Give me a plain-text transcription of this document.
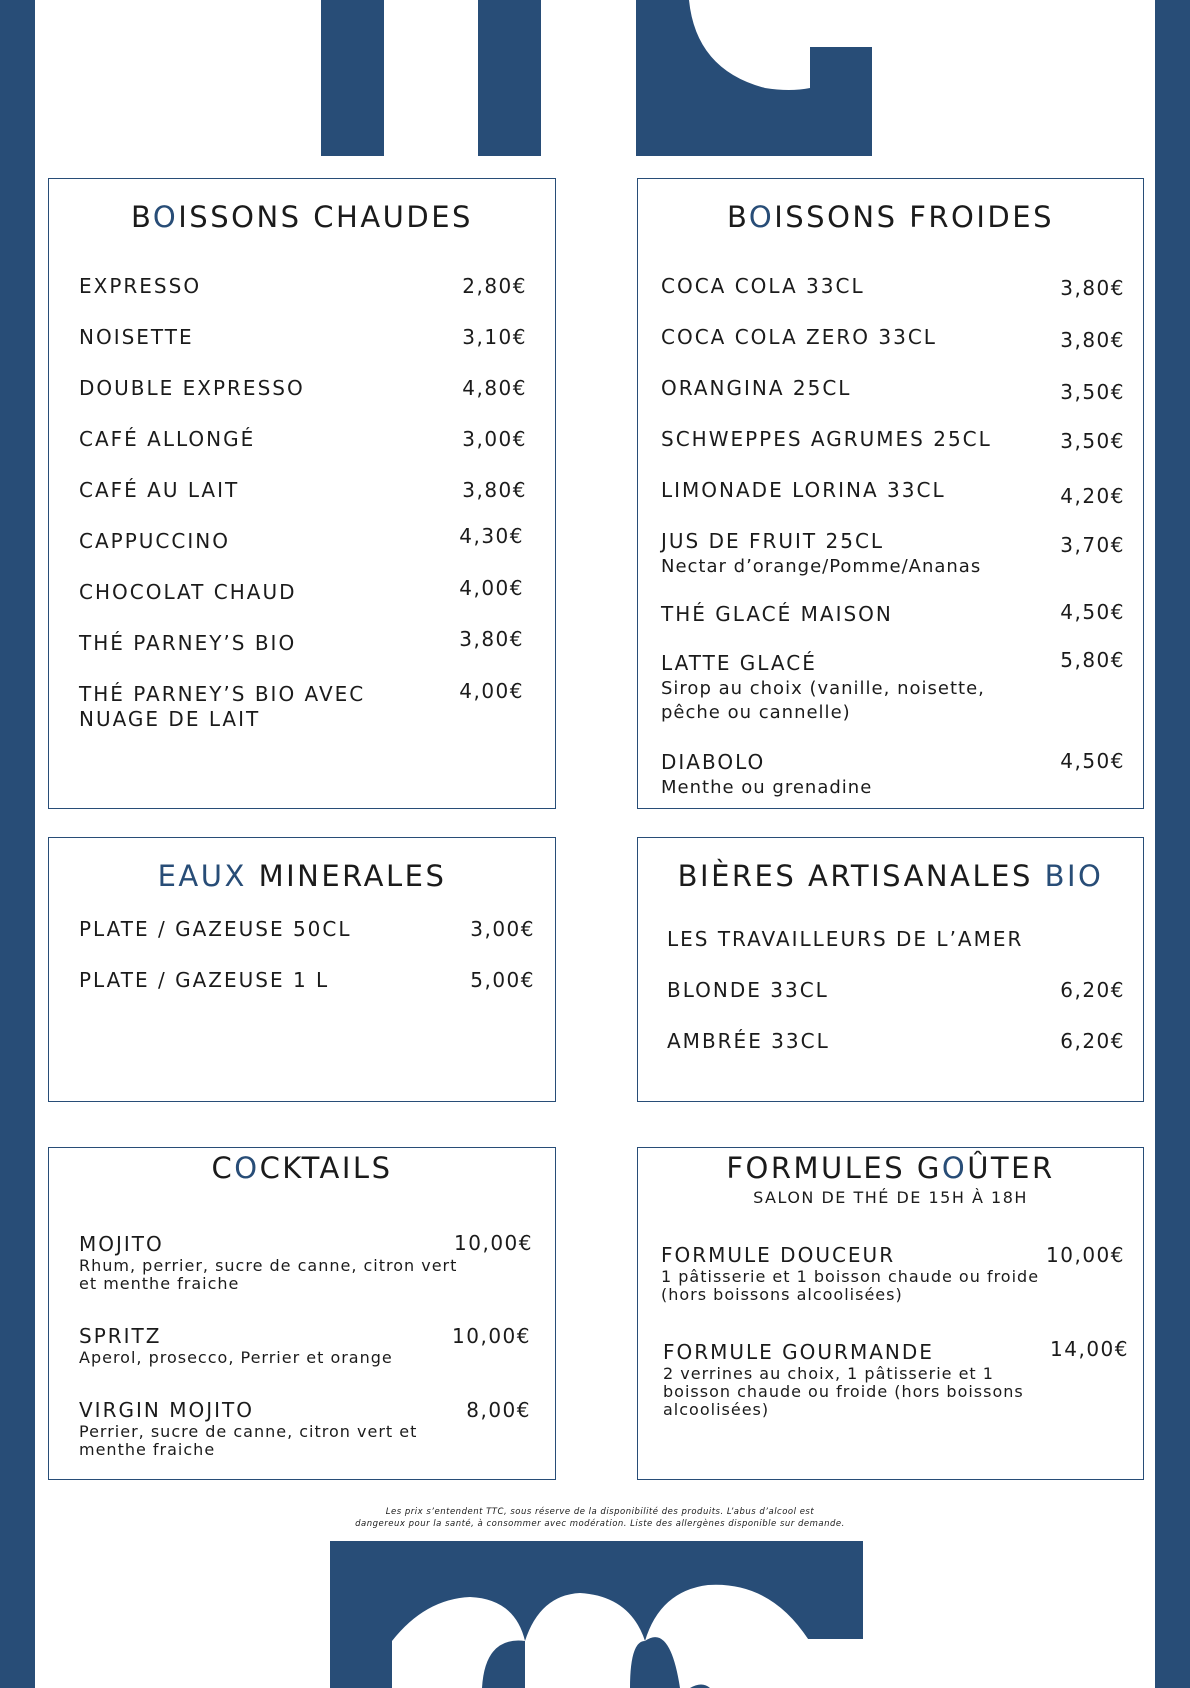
BOISSONS CHAUDES
EXPRESSO	2,80€
NOISETTE	3,10€
DOUBLE EXPRESSO	4,80€
CAFÉ ALLONGÉ	3,00€
CAFÉ AU LAIT	3,80€
CAPPUCCINO	4,30€
CHOCOLAT CHAUD	4,00€
THÉ PARNEY’S BIO	3,80€
THÉ PARNEY’S BIO AVEC
NUAGE DE LAIT
4,00€
BOISSONS FROIDES
COCA COLA 33CL	3,80€
COCA COLA ZERO 33CL	3,80€
ORANGINA 25CL	3,50€
SCHWEPPES AGRUMES 25CL	3,50€
LIMONADE LORINA 33CL	4,20€
JUS DE FRUIT 25CL
Nectar d’orange/Pomme/Ananas
3,70€
THÉ GLACÉ MAISON	4,50€
LATTE GLACÉ
Sirop au choix (vanille, noisette,
pêche ou cannelle)
5,80€
DIABOLO
Menthe ou grenadine
4,50€
EAUX MINERALES
PLATE / GAZEUSE 50CL	3,00€
PLATE / GAZEUSE 1 L	5,00€
BIÈRES ARTISANALES BIO
LES TRAVAILLEURS DE L’AMER
BLONDE 33CL	6,20€
AMBRÉE 33CL	6,20€
COCKTAILS
MOJITO
Rhum, perrier, sucre de canne, citron vert
et menthe fraiche
10,00€
SPRITZ
Aperol, prosecco, Perrier et orange
10,00€
VIRGIN MOJITO
Perrier, sucre de canne, citron vert et
menthe fraiche
8,00€
FORMULES GOÛTER
SALON DE THÉ DE 15H À 18H
FORMULE DOUCEUR
1 pâtisserie et 1 boisson chaude ou froide
(hors boissons alcoolisées)
10,00€
FORMULE GOURMANDE
2 verrines au choix, 1 pâtisserie et 1
boisson chaude ou froide (hors boissons
alcoolisées)
14,00€
Les prix s’entendent TTC, sous réserve de la disponibilité des produits. L’abus d’alcool est
dangereux pour la santé, à consommer avec modération. Liste des allergènes disponible sur demande.
